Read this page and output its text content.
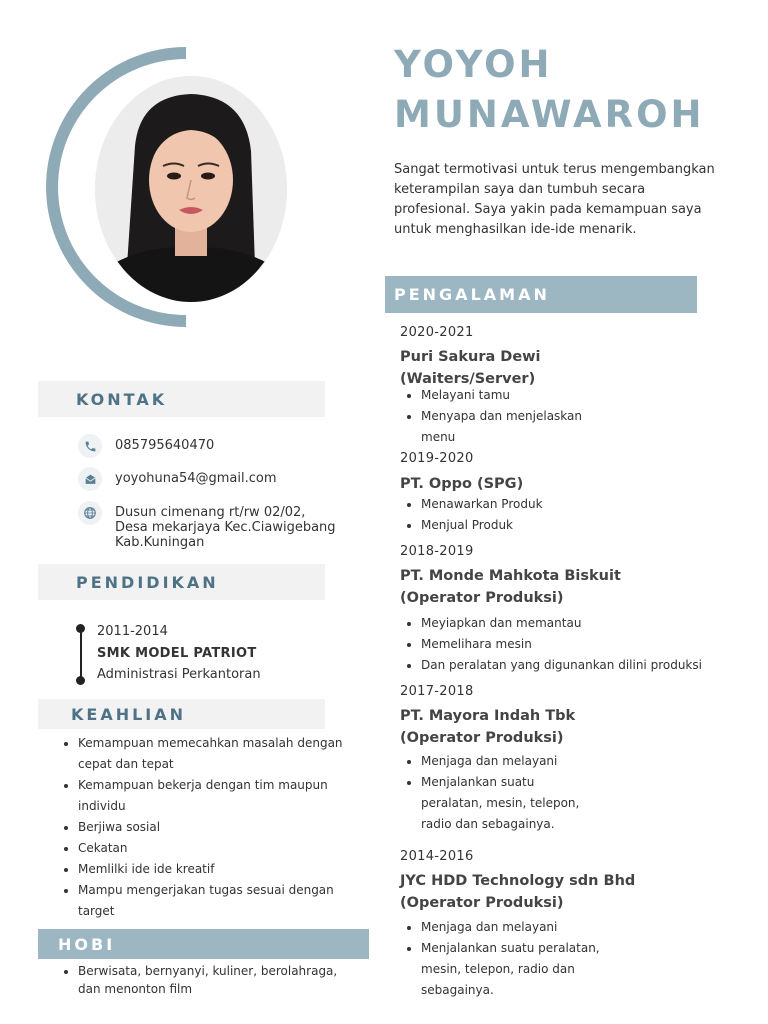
YOYOH
MUNAWAROH
Sangat termotivasi untuk terus mengembangkan keterampilan saya dan tumbuh secara profesional. Saya yakin pada kemampuan saya untuk menghasilkan ide-ide menarik.
KONTAK
085795640470
yoyohuna54@gmail.com
Dusun cimenang rt/rw 02/02,
Desa mekarjaya Kec.Ciawigebang
Kab.Kuningan
PENDIDIKAN
2011-2014
SMK MODEL PATRIOT
Administrasi Perkantoran
KEAHLIAN
• Kemampuan memecahkan masalah dengan cepat dan tepat
• Kemampuan bekerja dengan tim maupun individu
• Berjiwa sosial
• Cekatan
• Memlilki ide ide kreatif
• Mampu mengerjakan tugas sesuai dengan target
HOBI
• Berwisata, bernyanyi, kuliner, berolahraga, dan menonton film
PENGALAMAN
2020-2021
Puri Sakura Dewi
(Waiters/Server)
• Melayani tamu
• Menyapa dan menjelaskan
menu
2019-2020
PT. Oppo (SPG)
• Menawarkan Produk
• Menjual Produk
2018-2019
PT. Monde Mahkota Biskuit
(Operator Produksi)
• Meyiapkan dan memantau
• Memelihara mesin
• Dan peralatan yang digunankan dilini produksi
2017-2018
PT. Mayora Indah Tbk
(Operator Produksi)
• Menjaga dan melayani
• Menjalankan suatu
peralatan, mesin, telepon,
radio dan sebagainya.
2014-2016
JYC HDD Technology sdn Bhd
(Operator Produksi)
• Menjaga dan melayani
• Menjalankan suatu peralatan,
mesin, telepon, radio dan
sebagainya.
